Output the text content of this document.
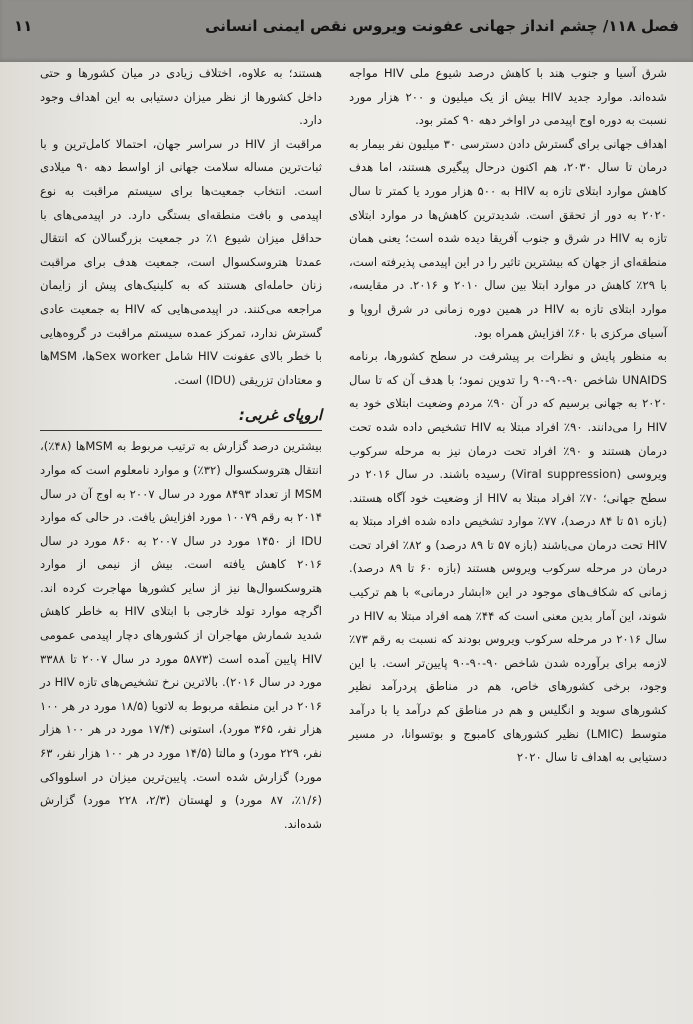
فصل ۱۱۸/ چشم انداز جهانی عفونت ویروس نقص ایمنی انسانی
۱۱

شرق آسیا و جنوب هند با کاهش درصد شیوع ملی HIV مواجه شده‌اند. موارد جدید HIV بیش از یک میلیون و ۲۰۰ هزار مورد نسبت به دوره اوج اپیدمی در اواخر دهه ۹۰ کمتر بود.

اهداف جهانی برای گسترش دادن دسترسی ۳۰ میلیون نفر بیمار به درمان تا سال ۲۰۳۰، هم اکنون درحال پیگیری هستند، اما هدف کاهش موارد ابتلای تازه به HIV به ۵۰۰ هزار مورد یا کمتر تا سال ۲۰۲۰ به دور از تحقق است. شدیدترین کاهش‌ها در موارد ابتلای تازه به HIV در شرق و جنوب آفریقا دیده شده است؛ یعنی همان منطقه‌ای از جهان که بیشترین تاثیر را در این اپیدمی پذیرفته است، با ۲۹٪ کاهش در موارد ابتلا بین سال ۲۰۱۰ و ۲۰۱۶. در مقایسه، موارد ابتلای تازه به HIV در همین دوره زمانی در شرق اروپا و آسیای مرکزی با ۶۰٪ افزایش همراه بود.

به منظور پایش و نظرات بر پیشرفت در سطح کشورها، برنامه UNAIDS شاخص ۹۰-۹۰-۹۰ را تدوین نمود؛ با هدف آن که تا سال ۲۰۲۰ به جهانی برسیم که در آن ۹۰٪ مردم وضعیت ابتلای خود به HIV را می‌دانند. ۹۰٪ افراد مبتلا به HIV تشخیص داده شده تحت درمان هستند و ۹۰٪ افراد تحت درمان نیز به مرحله سرکوب ویروسی (Viral suppression) رسیده باشند. در سال ۲۰۱۶ در سطح جهانی؛ ۷۰٪ افراد مبتلا به HIV از وضعیت خود آگاه هستند. (بازه ۵۱ تا ۸۴ درصد)، ۷۷٪ موارد تشخیص داده شده افراد مبتلا به HIV تحت درمان می‌باشند (بازه ۵۷ تا ۸۹ درصد) و ۸۲٪ افراد تحت درمان در مرحله سرکوب ویروس هستند (بازه ۶۰ تا ۸۹ درصد). زمانی که شکاف‌های موجود در این «ابشار درمانی» با هم ترکیب شوند، این آمار بدین معنی است که ۴۴٪ همه افراد مبتلا به HIV در سال ۲۰۱۶ در مرحله سرکوب ویروس بودند که نسبت به رقم ۷۳٪ لازمه برای برآورده شدن شاخص ۹۰-۹۰-۹۰ پایین‌تر است. با این وجود، برخی کشورهای خاص، هم در مناطق پردرآمد نظیر کشورهای سوید و انگلیس و هم در مناطق کم درآمد یا با درآمد متوسط (LMIC) نظیر کشورهای کامبوج و بوتسوانا، در مسیر دستیابی به اهداف تا سال ۲۰۲۰

هستند؛ به علاوه، اختلاف زیادی در میان کشورها و حتی داخل کشورها از نظر میزان دستیابی به این اهداف وجود دارد.

مراقبت از HIV در سراسر جهان، احتمالا کامل‌ترین و با ثبات‌ترین مساله سلامت جهانی از اواسط دهه ۹۰ میلادی است. انتخاب جمعیت‌ها برای سیستم مراقبت به نوع اپیدمی و بافت منطقه‌ای بستگی دارد. در اپیدمی‌های با حداقل میزان شیوع ۱٪ در جمعیت بزرگسالان که انتقال عمدتا هتروسکسوال است، جمعیت هدف برای مراقبت زنان حامله‌ای هستند که به کلینیک‌های پیش از زایمان مراجعه می‌کنند. در اپیدمی‌هایی که HIV به جمعیت عادی گسترش ندارد، تمرکز عمده سیستم مراقبت در گروه‌هایی با خطر بالای عفونت HIV شامل Sex workerها، MSMها و معتادان تزریقی (IDU) است.

اروپای غربی:

بیشترین درصد گزارش به ترتیب مربوط به MSMها (۴۸٪)، انتقال هتروسکسوال (۳۲٪) و موارد نامعلوم است که موارد MSM از تعداد ۸۴۹۳ مورد در سال ۲۰۰۷ به اوج آن در سال ۲۰۱۴ به رقم ۱۰۰۷۹ مورد افزایش یافت. در حالی که موارد IDU از ۱۴۵۰ مورد در سال ۲۰۰۷ به ۸۶۰ مورد در سال ۲۰۱۶ کاهش یافته است. بیش از نیمی از موارد هتروسکسوال‌ها نیز از سایر کشورها مهاجرت کرده اند. اگرچه موارد تولد خارجی با ابتلای HIV به خاطر کاهش شدید شمارش مهاجران از کشورهای دچار اپیدمی عمومی HIV پایین آمده است (۵۸۷۳ مورد در سال ۲۰۰۷ تا ۳۳۸۸ مورد در سال ۲۰۱۶). بالاترین نرخ تشخیص‌های تازه HIV در ۲۰۱۶ در این منطقه مربوط به لاتویا (۱۸/۵ مورد در هر ۱۰۰ هزار نفر، ۳۶۵ مورد)، استونی (۱۷/۴ مورد در هر ۱۰۰ هزار نفر، ۲۲۹ مورد) و مالتا (۱۴/۵ مورد در هر ۱۰۰ هزار نفر، ۶۳ مورد) گزارش شده است. پایین‌ترین میزان در اسلوواکی (۱/۶٪، ۸۷ مورد) و لهستان (۲/۳، ۲۲۸ مورد) گزارش شده‌اند.
